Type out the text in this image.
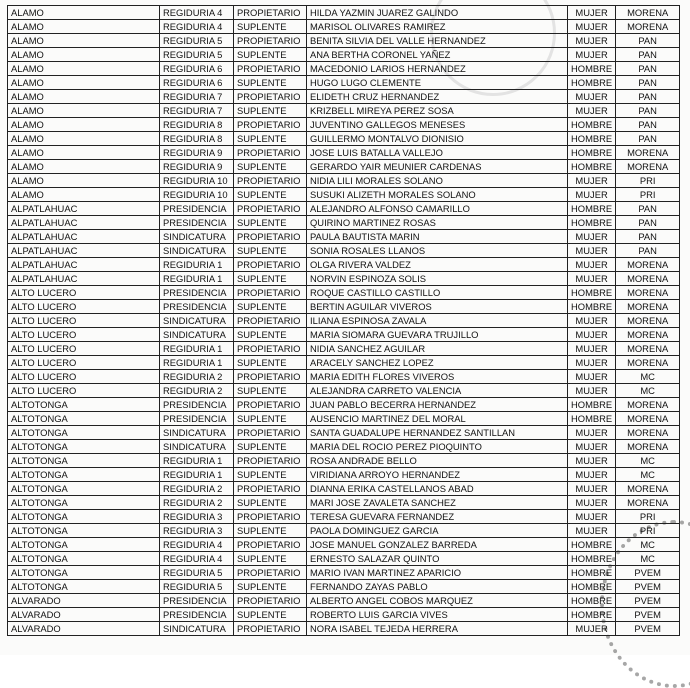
ALAMO	REGIDURIA 4	PROPIETARIO	HILDA YAZMIN JUAREZ GALINDO	MUJER	MORENA
ALAMO	REGIDURIA 4	SUPLENTE	MARISOL OLIVARES RAMIREZ	MUJER	MORENA
ALAMO	REGIDURIA 5	PROPIETARIO	BENITA SILVIA DEL VALLE HERNANDEZ	MUJER	PAN
ALAMO	REGIDURIA 5	SUPLENTE	ANA BERTHA CORONEL YAÑEZ	MUJER	PAN
ALAMO	REGIDURIA 6	PROPIETARIO	MACEDONIO LARIOS HERNANDEZ	HOMBRE	PAN
ALAMO	REGIDURIA 6	SUPLENTE	HUGO LUGO CLEMENTE	HOMBRE	PAN
ALAMO	REGIDURIA 7	PROPIETARIO	ELIDETH CRUZ HERNANDEZ	MUJER	PAN
ALAMO	REGIDURIA 7	SUPLENTE	KRIZBELL MIREYA PEREZ SOSA	MUJER	PAN
ALAMO	REGIDURIA 8	PROPIETARIO	JUVENTINO GALLEGOS MENESES	HOMBRE	PAN
ALAMO	REGIDURIA 8	SUPLENTE	GUILLERMO MONTALVO DIONISIO	HOMBRE	PAN
ALAMO	REGIDURIA 9	PROPIETARIO	JOSE LUIS BATALLA VALLEJO	HOMBRE	MORENA
ALAMO	REGIDURIA 9	SUPLENTE	GERARDO YAIR MEUNIER CARDENAS	HOMBRE	MORENA
ALAMO	REGIDURIA 10	PROPIETARIO	NIDIA LILI MORALES SOLANO	MUJER	PRI
ALAMO	REGIDURIA 10	SUPLENTE	SUSUKI ALIZETH MORALES SOLANO	MUJER	PRI
ALPATLAHUAC	PRESIDENCIA	PROPIETARIO	ALEJANDRO ALFONSO CAMARILLO	HOMBRE	PAN
ALPATLAHUAC	PRESIDENCIA	SUPLENTE	QUIRINO MARTINEZ ROSAS	HOMBRE	PAN
ALPATLAHUAC	SINDICATURA	PROPIETARIO	PAULA BAUTISTA MARIN	MUJER	PAN
ALPATLAHUAC	SINDICATURA	SUPLENTE	SONIA ROSALES LLANOS	MUJER	PAN
ALPATLAHUAC	REGIDURIA 1	PROPIETARIO	OLGA RIVERA VALDEZ	MUJER	MORENA
ALPATLAHUAC	REGIDURIA 1	SUPLENTE	NORVIN ESPINOZA SOLIS	MUJER	MORENA
ALTO LUCERO	PRESIDENCIA	PROPIETARIO	ROQUE CASTILLO CASTILLO	HOMBRE	MORENA
ALTO LUCERO	PRESIDENCIA	SUPLENTE	BERTIN AGUILAR VIVEROS	HOMBRE	MORENA
ALTO LUCERO	SINDICATURA	PROPIETARIO	ILIANA ESPINOSA ZAVALA	MUJER	MORENA
ALTO LUCERO	SINDICATURA	SUPLENTE	MARIA SIOMARA GUEVARA TRUJILLO	MUJER	MORENA
ALTO LUCERO	REGIDURIA 1	PROPIETARIO	NIDIA SANCHEZ AGUILAR	MUJER	MORENA
ALTO LUCERO	REGIDURIA 1	SUPLENTE	ARACELY SANCHEZ LOPEZ	MUJER	MORENA
ALTO LUCERO	REGIDURIA 2	PROPIETARIO	MARIA EDITH FLORES VIVEROS	MUJER	MC
ALTO LUCERO	REGIDURIA 2	SUPLENTE	ALEJANDRA CARRETO VALENCIA	MUJER	MC
ALTOTONGA	PRESIDENCIA	PROPIETARIO	JUAN PABLO BECERRA HERNANDEZ	HOMBRE	MORENA
ALTOTONGA	PRESIDENCIA	SUPLENTE	AUSENCIO MARTINEZ DEL MORAL	HOMBRE	MORENA
ALTOTONGA	SINDICATURA	PROPIETARIO	SANTA GUADALUPE HERNANDEZ SANTILLAN	MUJER	MORENA
ALTOTONGA	SINDICATURA	SUPLENTE	MARIA DEL ROCIO PEREZ PIOQUINTO	MUJER	MORENA
ALTOTONGA	REGIDURIA 1	PROPIETARIO	ROSA ANDRADE BELLO	MUJER	MC
ALTOTONGA	REGIDURIA 1	SUPLENTE	VIRIDIANA ARROYO HERNANDEZ	MUJER	MC
ALTOTONGA	REGIDURIA 2	PROPIETARIO	DIANNA ERIKA CASTELLANOS ABAD	MUJER	MORENA
ALTOTONGA	REGIDURIA 2	SUPLENTE	MARI JOSE ZAVALETA SANCHEZ	MUJER	MORENA
ALTOTONGA	REGIDURIA 3	PROPIETARIO	TERESA GUEVARA FERNANDEZ	MUJER	PRI
ALTOTONGA	REGIDURIA 3	SUPLENTE	PAOLA DOMINGUEZ GARCIA	MUJER	PRI
ALTOTONGA	REGIDURIA 4	PROPIETARIO	JOSE MANUEL GONZALEZ BARREDA	HOMBRE	MC
ALTOTONGA	REGIDURIA 4	SUPLENTE	ERNESTO SALAZAR QUINTO	HOMBRE	MC
ALTOTONGA	REGIDURIA 5	PROPIETARIO	MARIO IVAN MARTINEZ APARICIO	HOMBRE	PVEM
ALTOTONGA	REGIDURIA 5	SUPLENTE	FERNANDO ZAYAS PABLO	HOMBRE	PVEM
ALVARADO	PRESIDENCIA	PROPIETARIO	ALBERTO ANGEL COBOS MARQUEZ	HOMBRE	PVEM
ALVARADO	PRESIDENCIA	SUPLENTE	ROBERTO LUIS GARCIA VIVES	HOMBRE	PVEM
ALVARADO	SINDICATURA	PROPIETARIO	NORA ISABEL TEJEDA HERRERA	MUJER	PVEM
